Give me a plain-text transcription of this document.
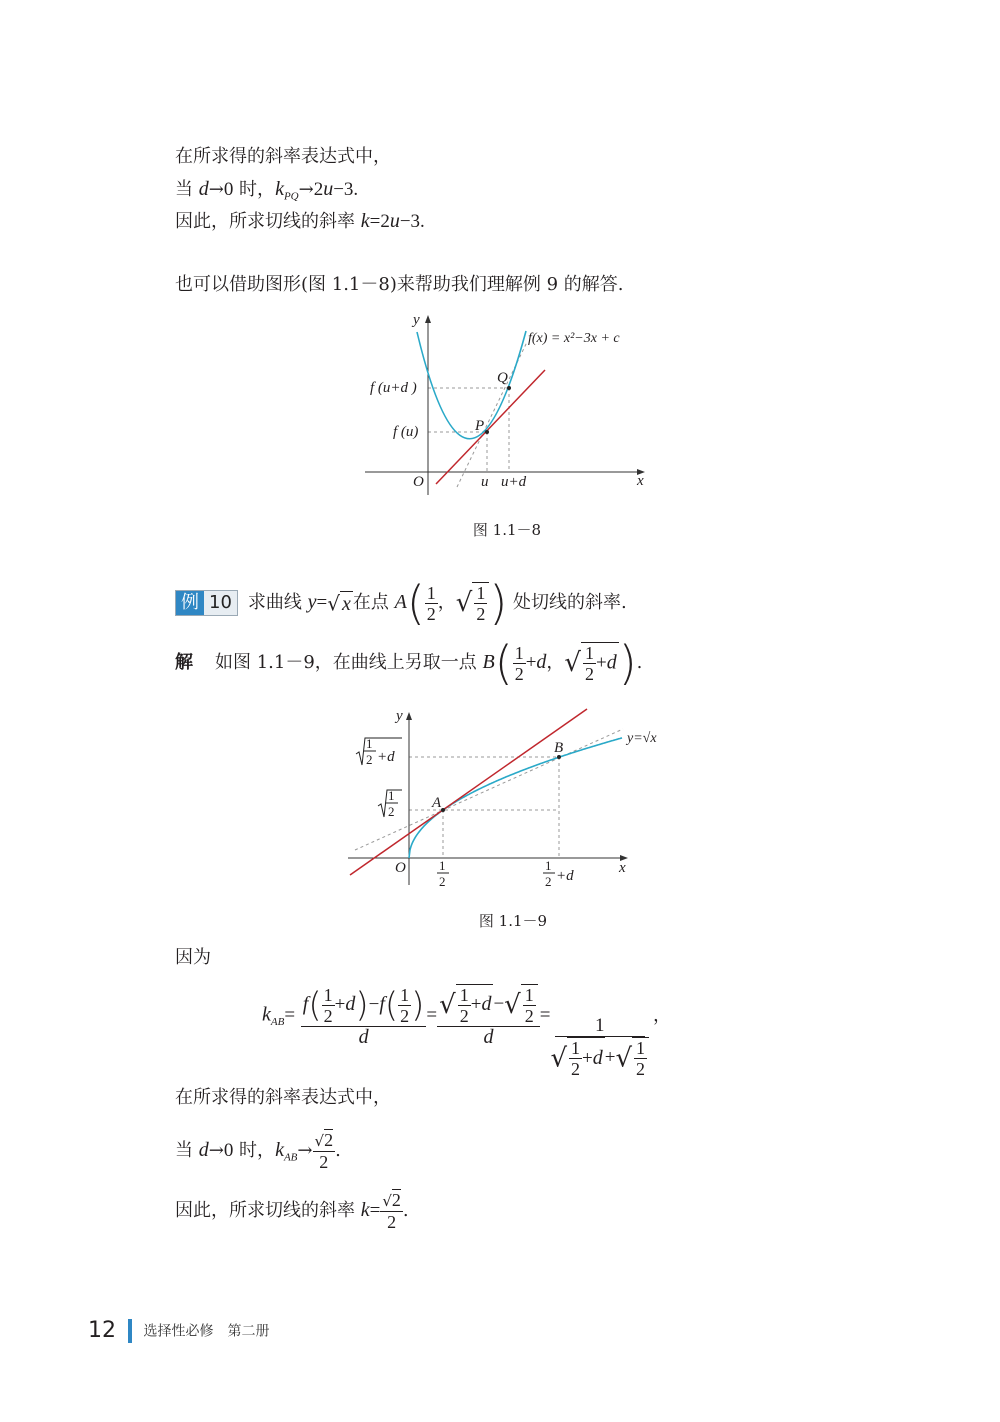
在所求得的斜率表达式中，
当 d→0 时，$k_{PQ}\to 2u-3$.
因此，所求切线的斜率 k=2u−3.
也可以借助图形(图 1.1－8)来帮助我们理解例 9 的解答.
y
f(x) = x²−3x + c
Q
P
f (u+d )
f (u)
O	u u+d	x
图 1.1－8
例 10 求曲线 y=√ x 在点 $A( \frac{1}{2}$ ，√ $\frac{1}{2}$ ) 处切线的斜率.
解 如图 1.1－9，在曲线上另取一点 $B( \frac{1}{2} +d$，√ $\frac{1}{2} +d$).
y
y=√x
A
B
O	x
1
2
1
2 +d
1
2
1
2 +d
图 1.1－9
因为
$k_{AB}= \frac{f( \frac{1}{2} +d)-f( \frac{1}{2} )}{d} = \frac{√ \frac{1}{2} +d -√ \frac{1}{2}}{d}$ =
$\frac{1}{√ \frac{1}{2} +d +√ \frac{1}{2}}$
，
在所求得的斜率表达式中，
当 d→0 时，$k_{AB}\to \frac{√2}{2}$ .
因此，所求切线的斜率 $k= \frac{√2}{2}$ .
12 选择性必修　第二册
